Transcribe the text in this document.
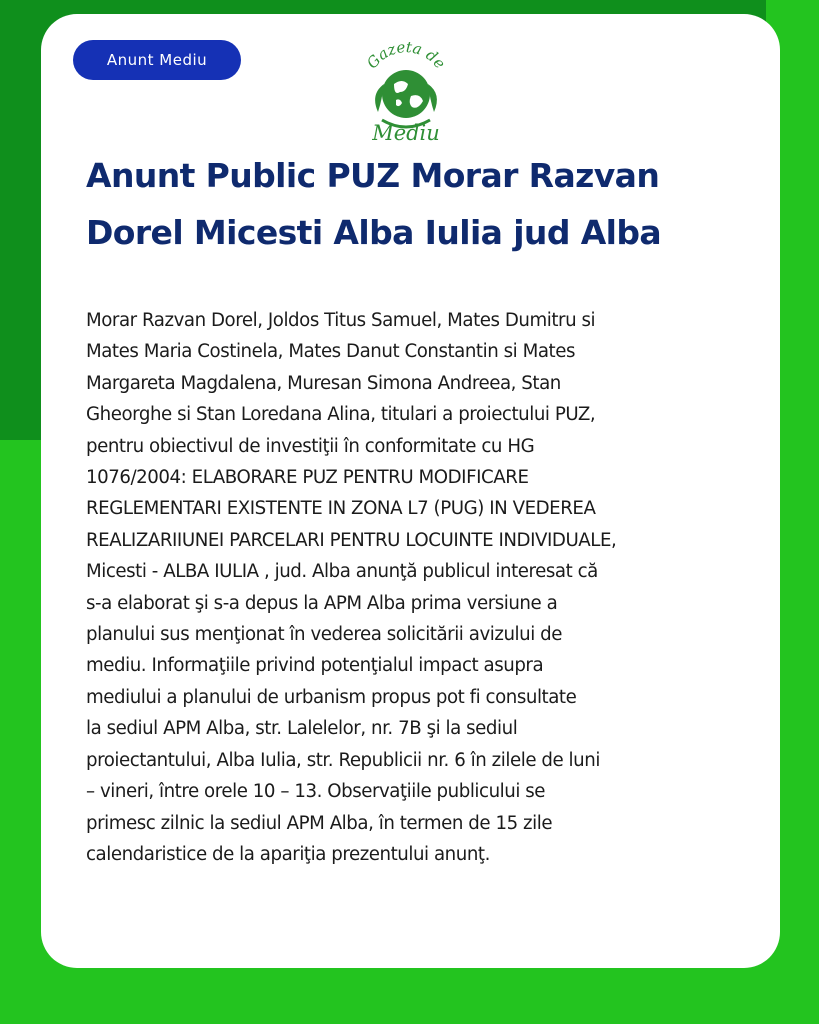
Anunt Mediu	Gazeta de
Mediu
Anunt Public PUZ Morar Razvan Dorel Micesti Alba Iulia jud Alba

Morar Razvan Dorel, Joldos Titus Samuel, Mates Dumitru si
Mates Maria Costinela, Mates Danut Constantin si Mates
Margareta Magdalena, Muresan Simona Andreea, Stan
Gheorghe si Stan Loredana Alina, titulari a proiectului PUZ,
pentru obiectivul de investiţii în conformitate cu HG
1076/2004: ELABORARE PUZ PENTRU MODIFICARE
REGLEMENTARI EXISTENTE IN ZONA L7 (PUG) IN VEDEREA
REALIZARIIUNEI PARCELARI PENTRU LOCUINTE INDIVIDUALE,
Micesti - ALBA IULIA , jud. Alba anunţă publicul interesat că
s-a elaborat şi s-a depus la APM Alba prima versiune a
planului sus menţionat în vederea solicitării avizului de
mediu. Informaţiile privind potenţialul impact asupra
mediului a planului de urbanism propus pot fi consultate
la sediul APM Alba, str. Lalelelor, nr. 7B şi la sediul
proiectantului, Alba Iulia, str. Republicii nr. 6 în zilele de luni
– vineri, între orele 10 – 13. Observaţiile publicului se
primesc zilnic la sediul APM Alba, în termen de 15 zile
calendaristice de la apariţia prezentului anunţ.
